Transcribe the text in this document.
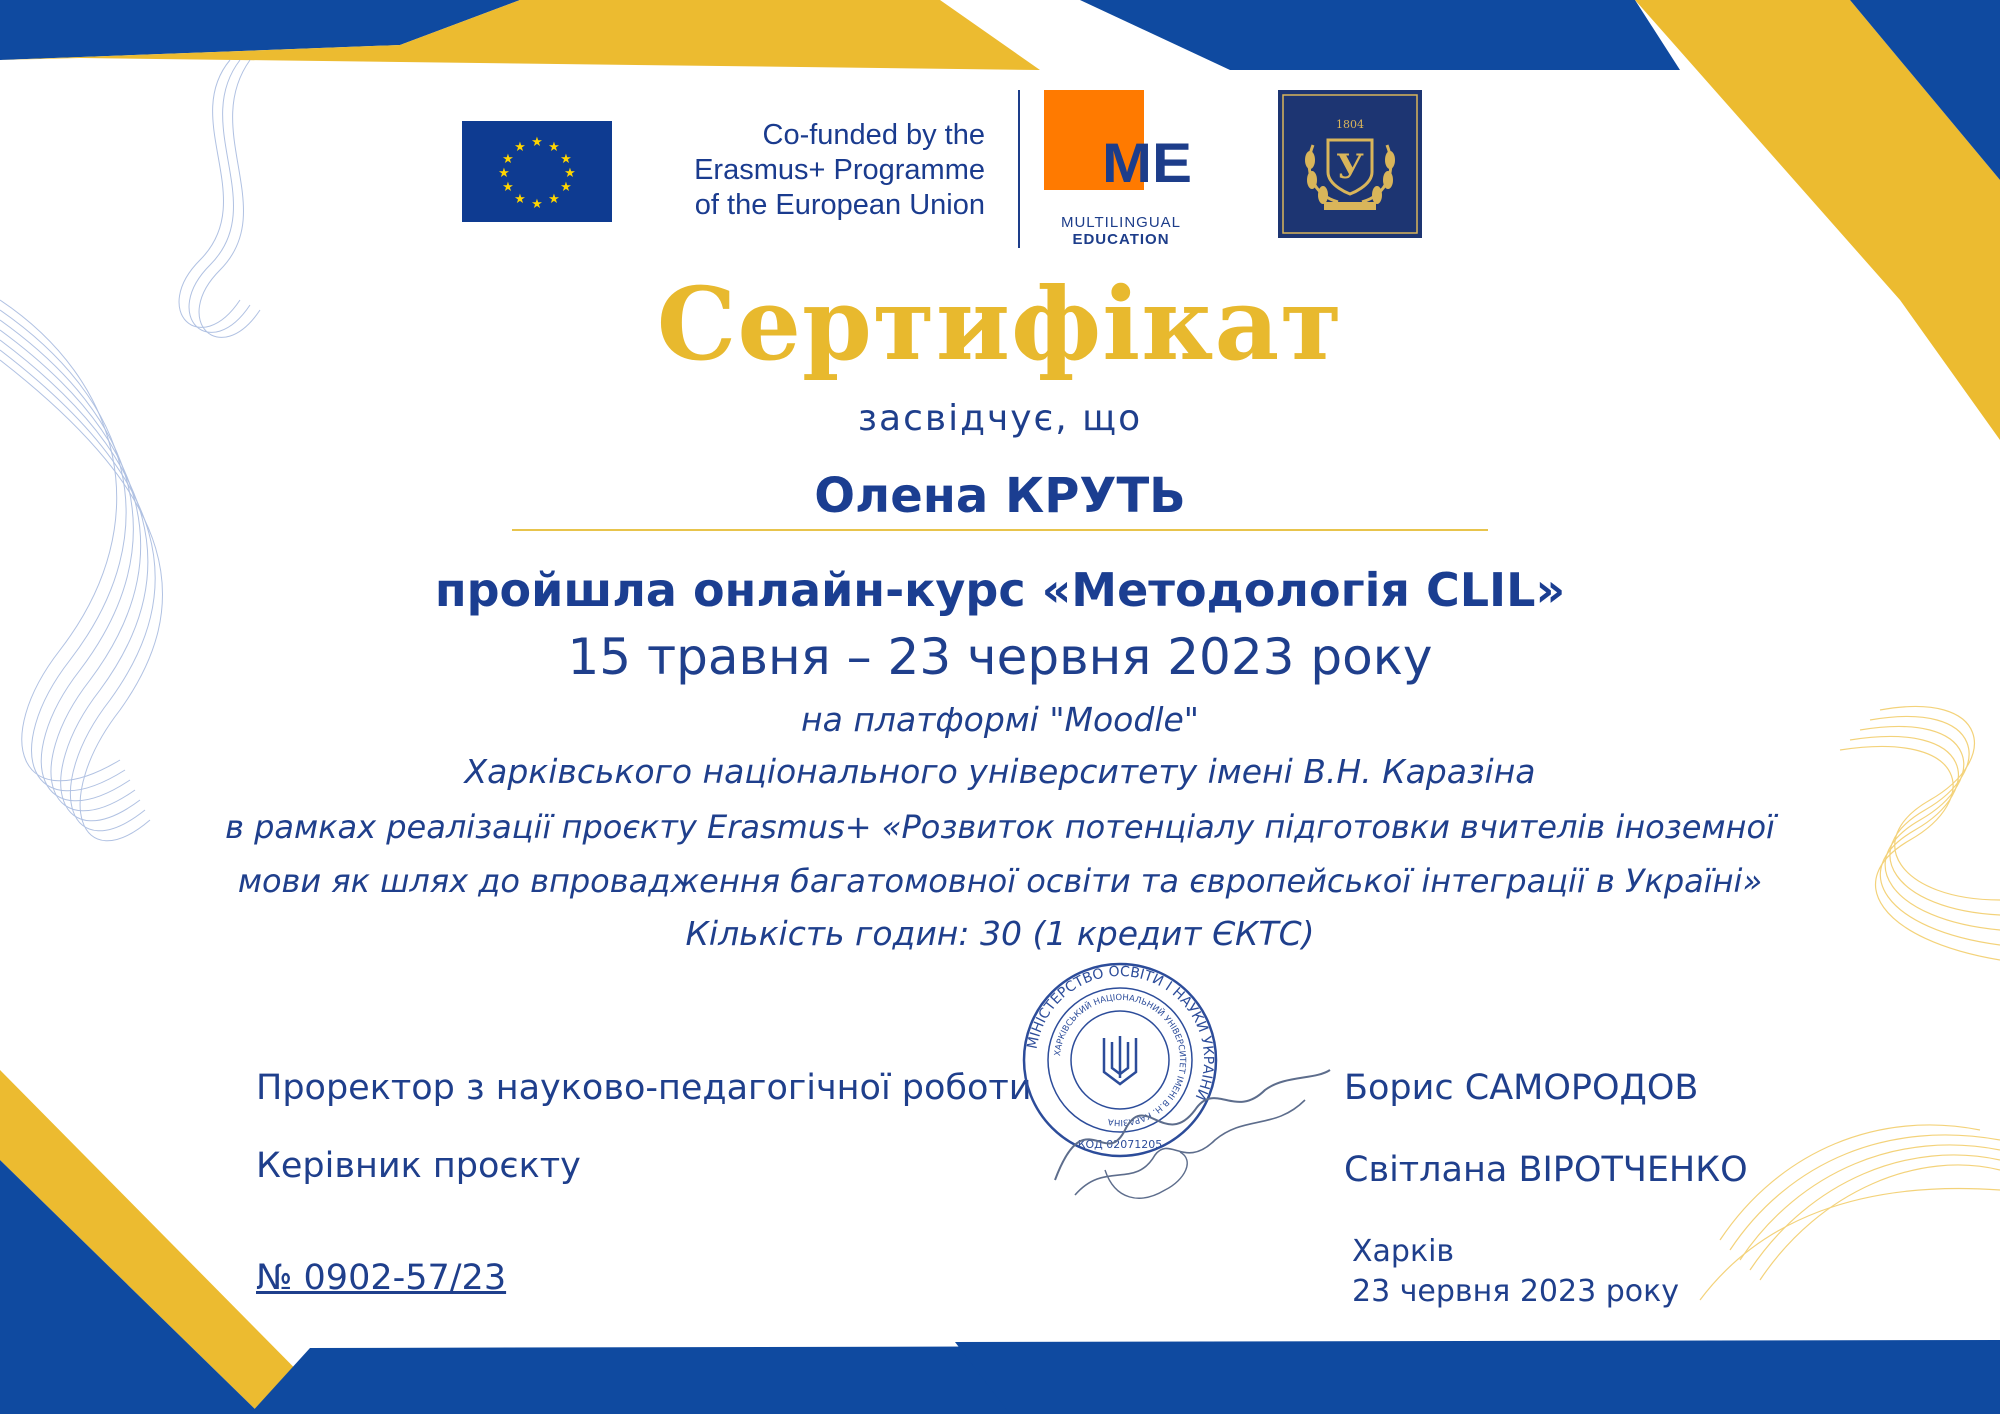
★ ★
★
★
★
★
★
★
★
★
★
★	Co-funded by the
Erasmus+ Programme
of the European Union
ME
MULTILINGUAL
EDUCATION
У
1804
Сертифікат
засвідчує, що
Олена КРУТЬ
пройшла онлайн-курс «Методологія CLIL»
15 травня – 23 червня 2023 року
на платформі "Moodle"
Харківського національного університету імені В.Н. Каразіна
в рамках реалізації проєкту Erasmus+ «Розвиток потенціалу підготовки вчителів іноземної
мови як шлях до впровадження багатомовної освіти та європейської інтеграції в Україні»
Кількість годин: 30 (1 кредит ЄКТС)
Проректор з науково-педагогічної роботи	Борис САМОРОДОВ
Керівник проєкту	Світлана ВІРОТЧЕНКО
МІНІСТЕРСТВО ОСВІТИ І НАУКИ УКРАЇНИ
ХАРКІВСЬКИЙ НАЦІОНАЛЬНИЙ УНІВЕРСИТЕТ ІМЕНІ В.Н. КАРАЗІНА
КОД 02071205
№ 0902-57/23
Харків
23 червня 2023 року
